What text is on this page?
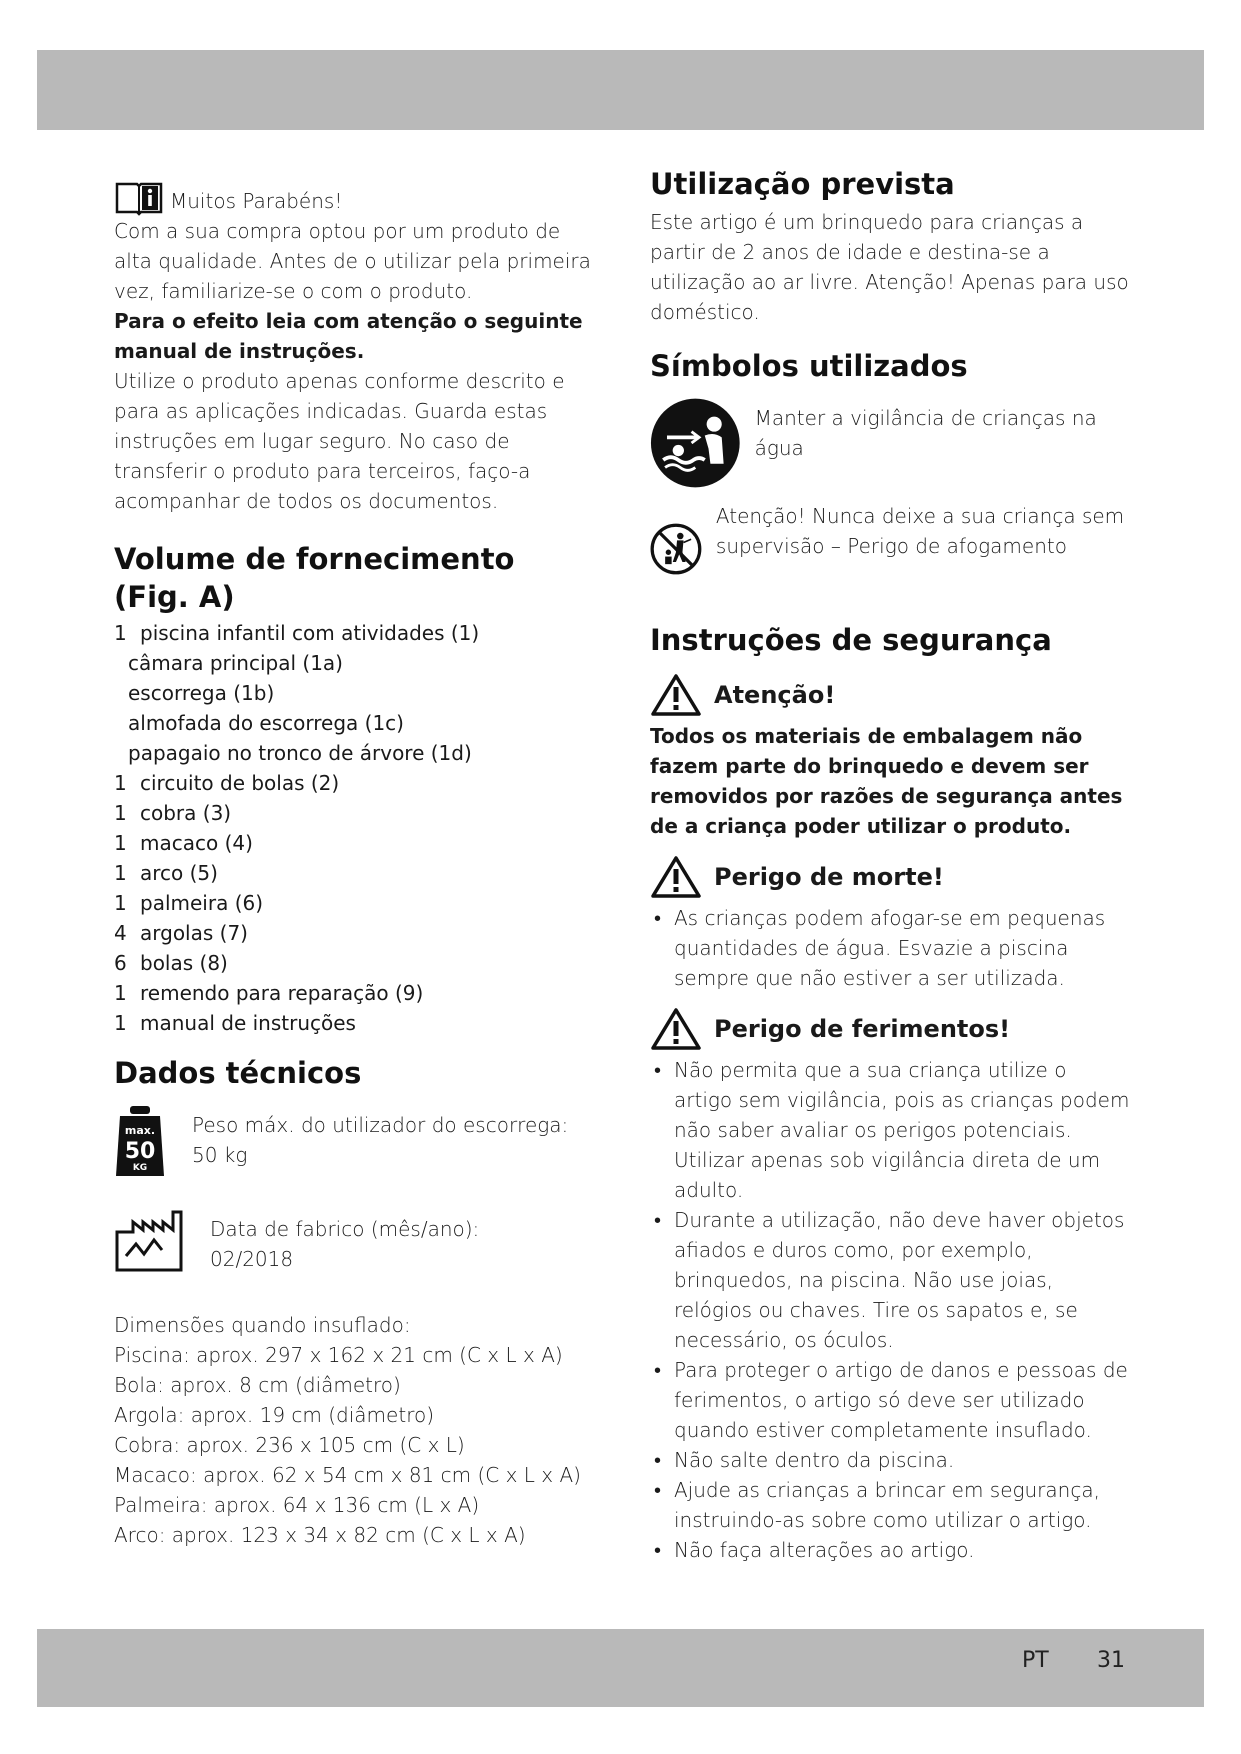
Muitos Parabéns!
Com a sua compra optou por um produto de alta qualidade. Antes de o utilizar pela primeira vez, familiarize-se o com o produto.
Para o efeito leia com atenção o seguinte manual de instruções.
Utilize o produto apenas conforme descrito e para as aplicações indicadas. Guarda estas instruções em lugar seguro. No caso de transferir o produto para terceiros, faço-a acompanhar de todos os documentos.
Volume de fornecimento
(Fig. A)
1 piscina infantil com atividades (1)
câmara principal (1a)
escorrega (1b)
almofada do escorrega (1c)
papagaio no tronco de árvore (1d)
1 circuito de bolas (2)
1 cobra (3)
1 macaco (4)
1 arco (5)
1 palmeira (6)
4 argolas (7)
6 bolas (8)
1 remendo para reparação (9)
1 manual de instruções
Dados técnicos
max.
50
KG
Peso máx. do utilizador do escorrega:
50 kg
Data de fabrico (mês/ano):
02/2018
Dimensões quando insuflado:
Piscina: aprox. 297 x 162 x 21 cm (C x L x A)
Bola: aprox. 8 cm (diâmetro)
Argola: aprox. 19 cm (diâmetro)
Cobra: aprox. 236 x 105 cm (C x L)
Macaco: aprox. 62 x 54 cm x 81 cm (C x L x A)
Palmeira: aprox. 64 x 136 cm (L x A)
Arco: aprox. 123 x 34 x 82 cm (C x L x A)
Utilização prevista
Este artigo é um brinquedo para crianças a partir de 2 anos de idade e destina-se a utilização ao ar livre. Atenção! Apenas para uso doméstico.
Símbolos utilizados
Manter a vigilância de crianças na água
Atenção! Nunca deixe a sua criança sem supervisão – Perigo de afogamento
Instruções de segurança
Atenção!
Todos os materiais de embalagem não fazem parte do brinquedo e devem ser removidos por razões de segurança antes de a criança poder utilizar o produto.
Perigo de morte!
• As crianças podem afogar-se em pequenas quantidades de água. Esvazie a piscina sempre que não estiver a ser utilizada.
Perigo de ferimentos!
• Não permita que a sua criança utilize o artigo sem vigilância, pois as crianças podem não saber avaliar os perigos potenciais. Utilizar apenas sob vigilância direta de um adulto.
• Durante a utilização, não deve haver objetos afiados e duros como, por exemplo, brinquedos, na piscina. Não use joias, relógios ou chaves. Tire os sapatos e, se necessário, os óculos.
• Para proteger o artigo de danos e pessoas de ferimentos, o artigo só deve ser utilizado quando estiver completamente insuflado.
• Não salte dentro da piscina.
• Ajude as crianças a brincar em segurança, instruindo-as sobre como utilizar o artigo.
• Não faça alterações ao artigo.
PT 31
